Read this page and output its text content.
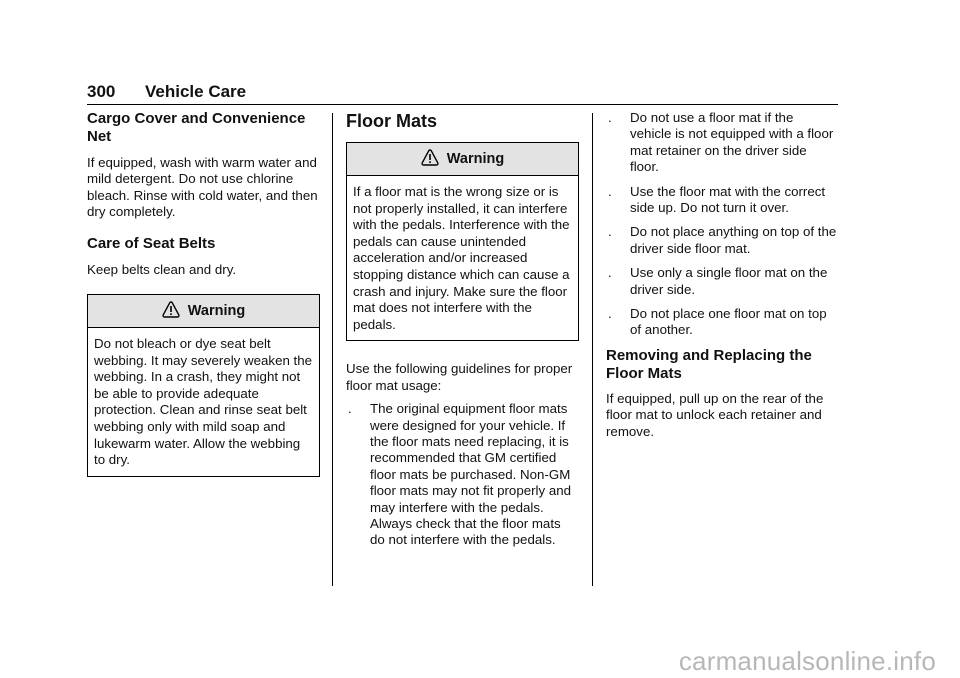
300 Vehicle Care
Cargo Cover and Convenience Net

If equipped, wash with warm water and mild detergent. Do not use chlorine bleach. Rinse with cold water, and then dry completely.

Care of Seat Belts

Keep belts clean and dry.

Warning
Do not bleach or dye seat belt webbing. It may severely weaken the webbing. In a crash, they might not be able to provide adequate protection. Clean and rinse seat belt webbing only with mild soap and lukewarm water. Allow the webbing to dry.
Floor Mats
Warning
If a floor mat is the wrong size or is not properly installed, it can interfere with the pedals. Interference with the pedals can cause unintended acceleration and/or increased stopping distance which can cause a crash and injury. Make sure the floor mat does not interfere with the pedals.

Use the following guidelines for proper floor mat usage:

. The original equipment floor mats were designed for your vehicle. If the floor mats need replacing, it is recommended that GM certified floor mats be purchased. Non-GM floor mats may not fit properly and may interfere with the pedals. Always check that the floor mats do not interfere with the pedals.
. Do not use a floor mat if the vehicle is not equipped with a floor mat retainer on the driver side floor.
. Use the floor mat with the correct side up. Do not turn it over.
. Do not place anything on top of the driver side floor mat.
. Use only a single floor mat on the driver side.
. Do not place one floor mat on top of another.
Removing and Replacing the Floor Mats

If equipped, pull up on the rear of the floor mat to unlock each retainer and remove.

carmanualsonline.info
